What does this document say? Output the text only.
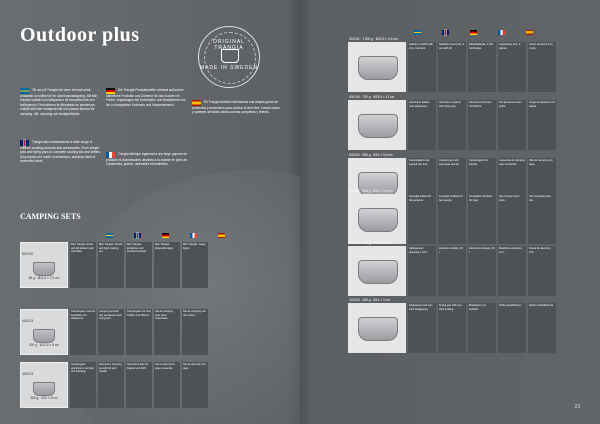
Outdoor plus	ORIGINAL TRANGIA
MADE IN SWEDEN
Till oss på Trangia hör även ett stort antal produkter och tillbehör för utomhusmatlagning. Allt från enklare kokkärl och stekpannor till kompletta kök och kaffepannor. Produkterna är tillverkade av aluminium, rostfritt stål eller emaljerat stål och passar lika bra för camping, båt, vandring och familjeutflykter.
Trangia also manufactures a wide range of outdoor cooking products and accessories. From simple pots and frying pans to complete cooking kits and kettles. All products are made of aluminium, stainless steel or enamelled steel.
Die Trangia-Produktpalette umfasst außerdem zahlreiche Produkte und Zubehör für das Kochen im Freien. Angefangen bei Kochtöpfen und Bratpfannen bis hin zu kompletten Kochsets und Wasserkesseln.
Trangia fabrique également une large gamme de produits et d'accessoires destinés à la cuisine en plein air. Casseroles, poêles, ustensiles et bouilloires.
En Trangia también fabricamos una amplia gama de productos y accesorios para cocinar al aire libre. Desde cazos y sartenes sencillos hasta cocinas completas y teteras.
CAMPING SETS
500740
85 g · Ø11,8 × 7,5 cm
Mini Trangia. Enkel och lätt kokset med stormkök.
Mini Trangia. Simple and light cooking set.
Mini Trangia. Einfaches und leichtes Kochset.
Mini Trangia. Ensemble léger.
Mini Trangia. Juego ligero.
400124
420 g · Ø12,5 × 8 cm
Campingset med två kastruller och stekpanna.
Camping set with two saucepans and frying pan.
Campingset mit zwei Töpfen und Pfanne.
Set de camping avec deux casseroles.
Set de camping con dos cazos.
400123
380 g · Ø12 × 8 cm
Campingset i aluminium med lock och handtag.
Aluminium camping set with lid and handle.
Aluminium-Set mit Deckel und Griff.
Set en aluminium avec couvercle.
Set de aluminio con tapa.
22
401140 · 1 200 g · Ø20,5 × 9,5 cm
Kokkärl i rostfritt stål, 2 st. med lock.
Stainless steel pots, 2 pcs with lid.
Edelstahltöpfe, 2 Stk. mit Deckel.
Casseroles inox, 2 pièces.
Cazos de acero inox, 2 uds.
400130 · 730 g · Ø19,5 × 12 cm
Aluminium kokset med stekpanna.
Aluminium cookset with frying pan.
Aluminium-Kochset mit Pfanne.
Set aluminium avec poêle.
Juego de aluminio con sartén.
500300 · 985 g · Ø19 × 9,5 cm
Campingkärl med kastrull och lock.
Camping pot with saucepan and lid.
Campingtopf mit Deckel.
Casserole de camping avec couvercle.
Olla de camping con tapa.
500207 · 545 g · Ø12 × 9,5 cm
Kompakt kokset för två personer.
Compact cookset for two people.
Kompaktes Kochset für zwei.
Set compact pour deux.
Set compacto para dos.
400224 · 480 g · Ø14 × 12 cm
Kaffepanna i aluminium, 0,6 l.
Aluminium kettle, 0.6 l.
Aluminium-Kessel, 0,6 l.
Bouilloire aluminium, 0,6 l.
Tetera de aluminio, 0,6 l.
401423 · 380 g · Ø14 × 9 cm
Stekpanna med non-stick beläggning.
Frying pan with non-stick coating.
Bratpfanne mit Antihaft.
Poêle antiadhésive.	Sartén antiadherente.
23
